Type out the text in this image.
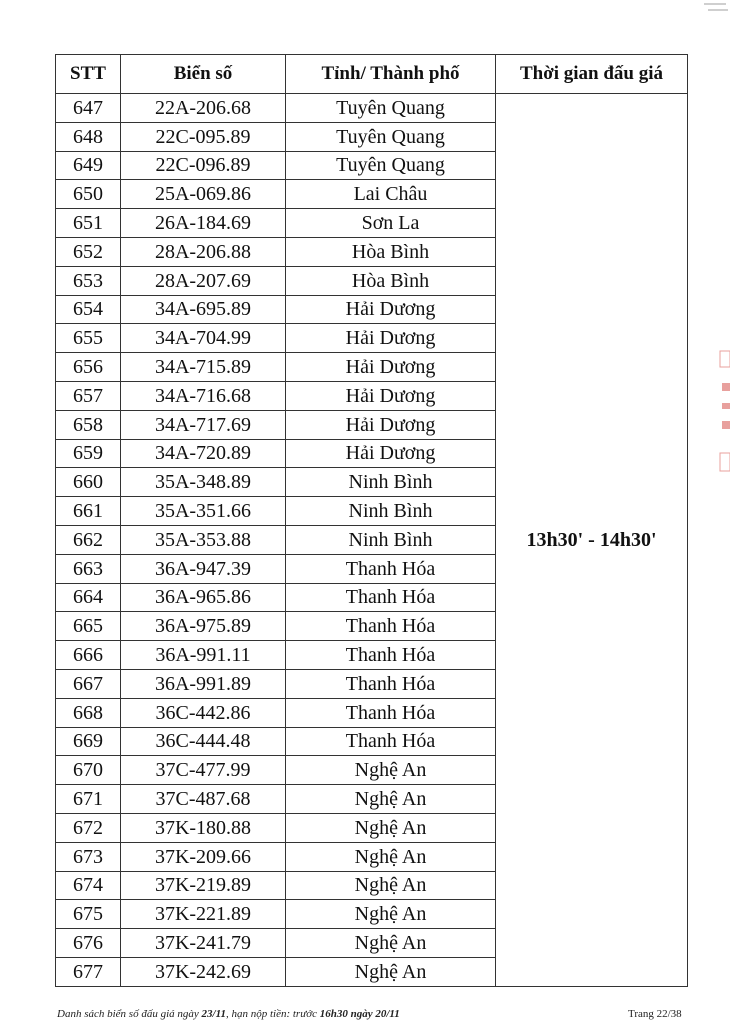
STT	Biển số	Tỉnh/ Thành phố	Thời gian đấu giá
647	22A-206.68	Tuyên Quang	13h30' - 14h30'
648	22C-095.89	Tuyên Quang	
649	22C-096.89	Tuyên Quang	
650	25A-069.86	Lai Châu	
651	26A-184.69	Sơn La	
652	28A-206.88	Hòa Bình	
653	28A-207.69	Hòa Bình	
654	34A-695.89	Hải Dương	
655	34A-704.99	Hải Dương	
656	34A-715.89	Hải Dương	
657	34A-716.68	Hải Dương	
658	34A-717.69	Hải Dương	
659	34A-720.89	Hải Dương	
660	35A-348.89	Ninh Bình	
661	35A-351.66	Ninh Bình	
662	35A-353.88	Ninh Bình	
663	36A-947.39	Thanh Hóa	
664	36A-965.86	Thanh Hóa	
665	36A-975.89	Thanh Hóa	
666	36A-991.11	Thanh Hóa	
667	36A-991.89	Thanh Hóa	
668	36C-442.86	Thanh Hóa	
669	36C-444.48	Thanh Hóa	
670	37C-477.99	Nghệ An	
671	37C-487.68	Nghệ An	
672	37K-180.88	Nghệ An	
673	37K-209.66	Nghệ An	
674	37K-219.89	Nghệ An	
675	37K-221.89	Nghệ An	
676	37K-241.79	Nghệ An	
677	37K-242.69	Nghệ An	
Danh sách biển số đấu giá ngày 23/11, hạn nộp tiền: trước 16h30 ngày 20/11	Trang 22/38
